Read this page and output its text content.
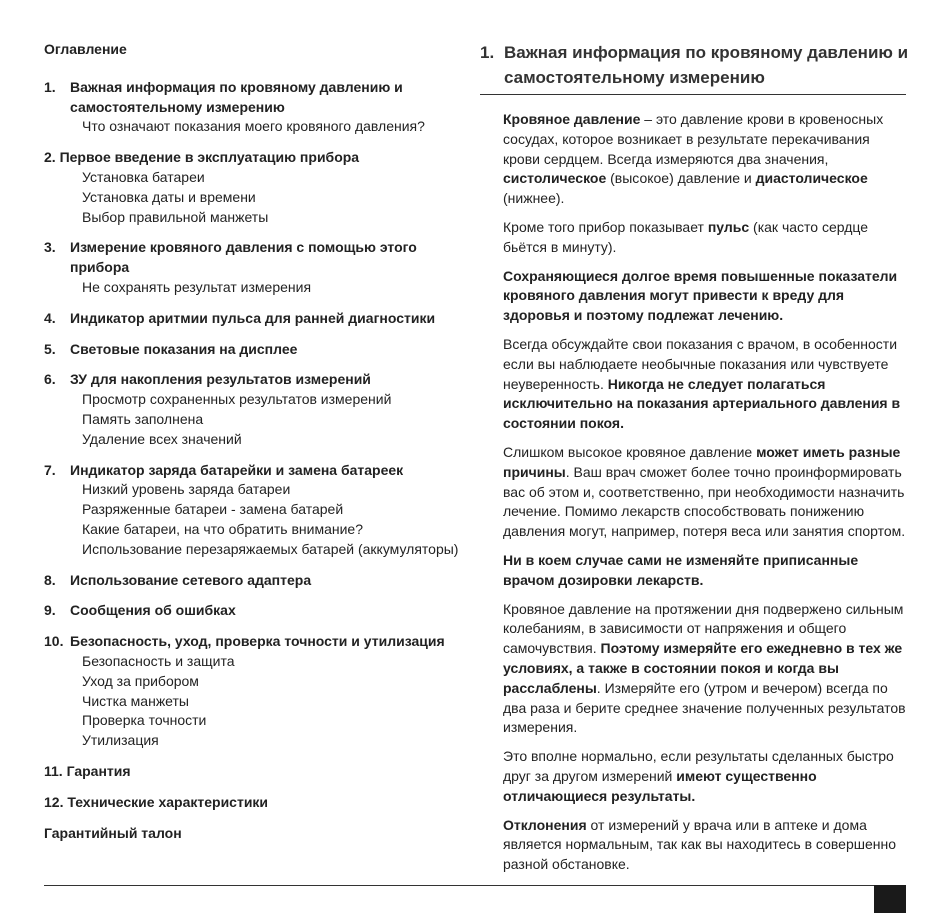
Оглавление
1.	Важная информация по кровяному давлению и самостоятельному измерению
Что означают показания моего кровяного давления?
2. Первое введение в эксплуатацию прибора
Установка батареи
Установка даты и времени
Выбор правильной манжеты
3.	Измерение кровяного давления с помощью этого прибора
Не сохранять результат измерения
4.	Индикатор аритмии пульса для ранней диагностики
5.	Световые показания на дисплее
6.	ЗУ для накопления результатов измерений
Просмотр сохраненных результатов измерений
Память заполнена
Удаление всех значений
7.	Индикатор заряда батарейки и замена батареек
Низкий уровень заряда батареи
Разряженные батареи - замена батарей
Какие батареи, на что обратить внимание?
Использование перезаряжаемых батарей (аккумуляторы)
8.	Использование сетевого адаптера
9.	Сообщения об ошибках
10. Безопасность, уход, проверка точности и утилизация
Безопасность и защита
Уход за прибором
Чистка манжеты
Проверка точности
Утилизация
11. Гарантия
12. Технические характеристики
Гарантийный талон
1. Важная информация по кровяному давлению и самостоятельному измерению

Кровяное давление – это давление крови в кровеносных сосудах, которое возникает в результате перекачивания крови сердцем. Всегда измеряются два значения, систолическое (высокое) давление и диастолическое (нижнее).

Кроме того прибор показывает пульс (как часто сердце бьётся в минуту).

Сохраняющиеся долгое время повышенные показатели кровяного давления могут привести к вреду для здоровья и поэтому подлежат лечению.

Всегда обсуждайте свои показания с врачом, в особенности если вы наблюдаете необычные показания или чувствуете неуверенность. Никогда не следует полагаться исключительно на показания артериального давления в состоянии покоя.

Слишком высокое кровяное давление может иметь разные причины. Ваш врач сможет более точно проинформировать вас об этом и, соответственно, при необходимости назначить лечение. Помимо лекарств способствовать понижению давления могут, например, потеря веса или занятия спортом.

Ни в коем случае сами не изменяйте приписанные врачом дозировки лекарств.

Кровяное давление на протяжении дня подвержено сильным колебаниям, в зависимости от напряжения и общего самочувствия. Поэтому измеряйте его ежедневно в тех же условиях, а также в состоянии покоя и когда вы расслаблены. Измеряйте его (утром и вечером) всегда по два раза и берите среднее значение полученных результатов измерения.

Это вполне нормально, если результаты сделанных быстро друг за другом измерений имеют существенно отличающиеся результаты.

Отклонения от измерений у врача или в аптеке и дома является нормальным, так как вы находитесь в совершенно разной обстановке.
